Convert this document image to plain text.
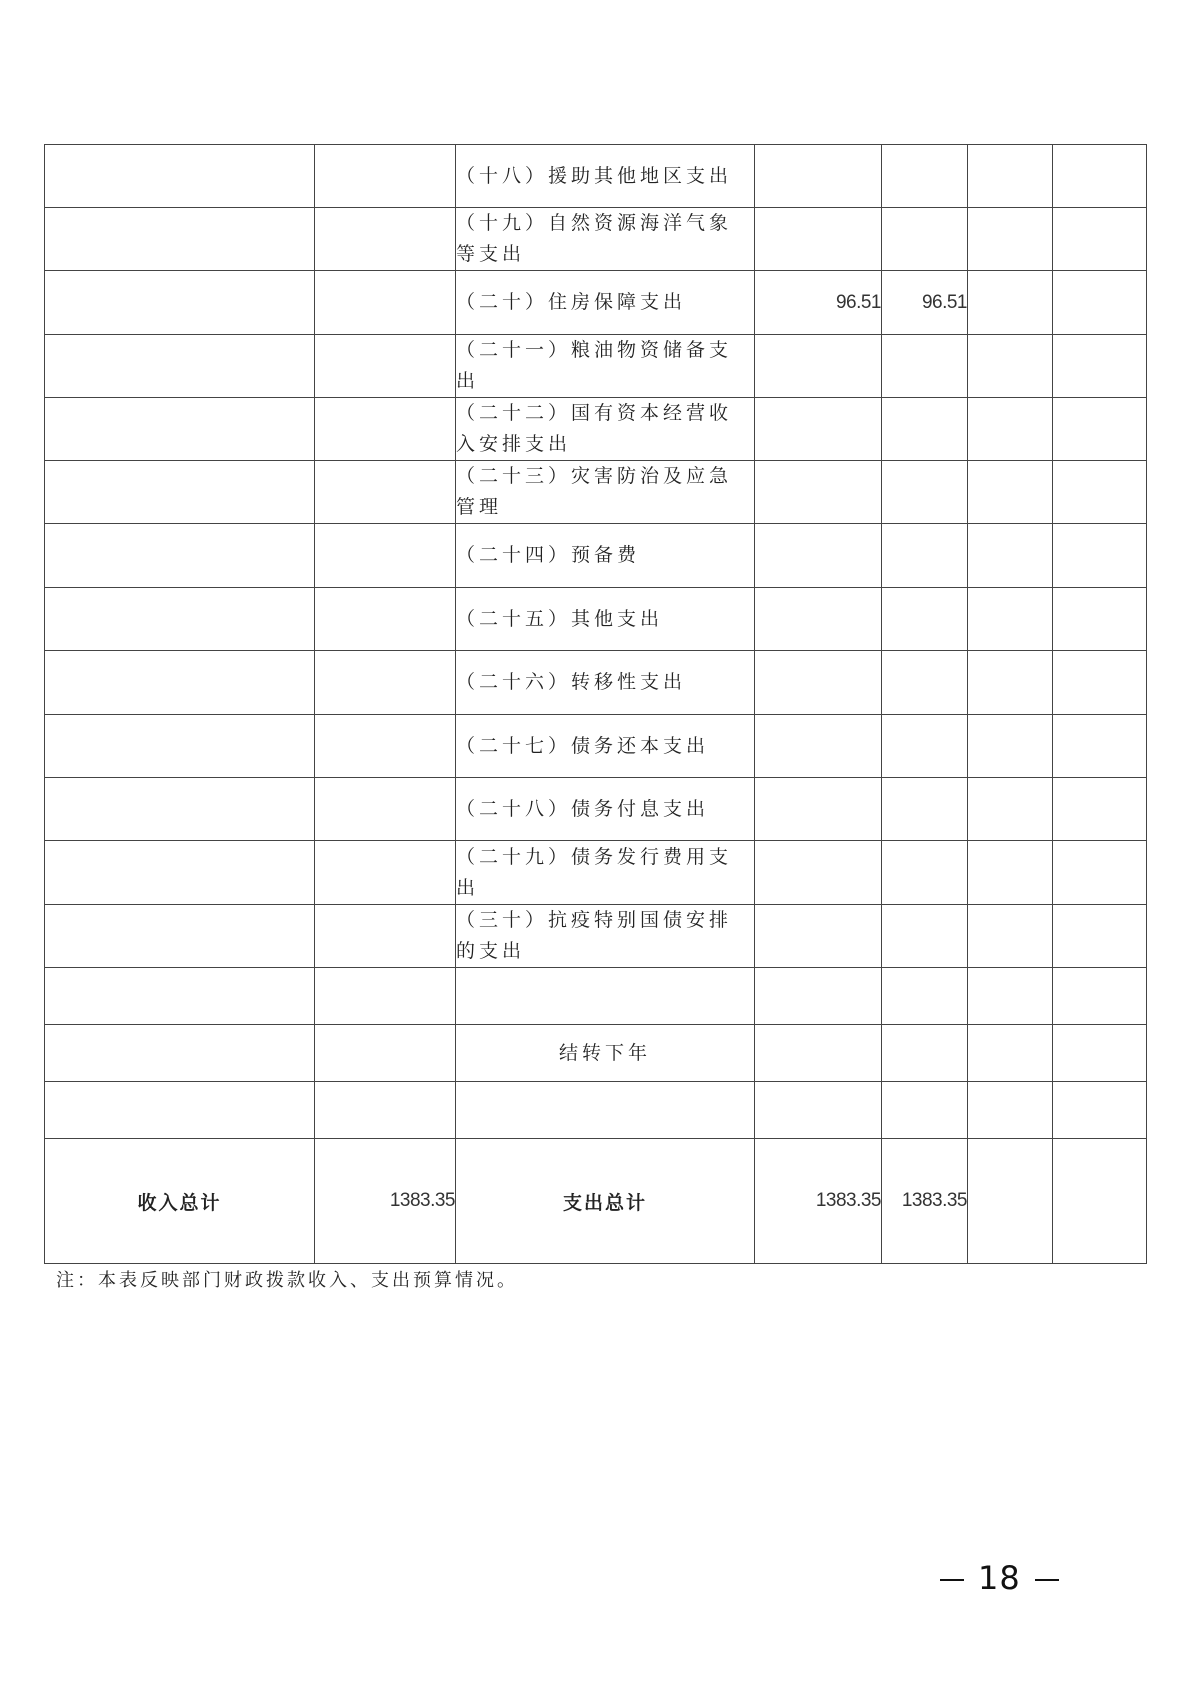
		（十八）援助其他地区支出				
		（十九）自然资源海洋气象等支出				
		（二十）住房保障支出	96.51	96.51		
		（二十一）粮油物资储备支出				
		（二十二）国有资本经营收入安排支出				
		（二十三）灾害防治及应急管理				
		（二十四）预备费				
		（二十五）其他支出				
		（二十六）转移性支出				
		（二十七）债务还本支出				
		（二十八）债务付息支出				
		（二十九）债务发行费用支出				
		（三十）抗疫特别国债安排的支出				

		结转下年				

收入总计	1383.35	支出总计	1383.35	1383.35		
注：本表反映部门财政拨款收入、支出预算情况。
18
